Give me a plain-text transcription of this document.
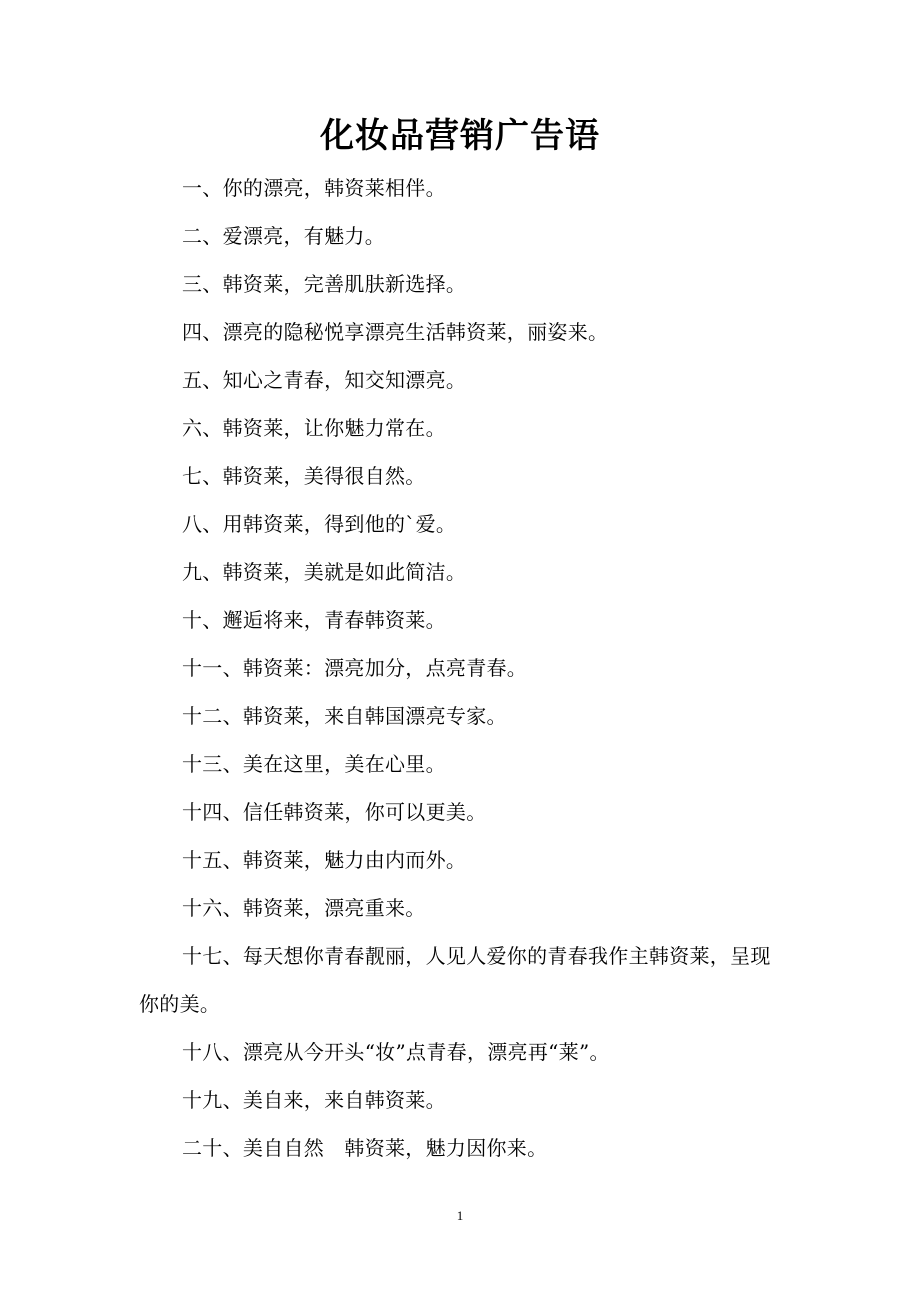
化妆品营销广告语
一、你的漂亮，韩资莱相伴。
二、爱漂亮，有魅力。
三、韩资莱，完善肌肤新选择。
四、漂亮的隐秘悦享漂亮生活韩资莱，丽姿来。
五、知心之青春，知交知漂亮。
六、韩资莱，让你魅力常在。
七、韩资莱，美得很自然。
八、用韩资莱，得到他的`爱。
九、韩资莱，美就是如此简洁。
十、邂逅将来，青春韩资莱。
十一、韩资莱：漂亮加分，点亮青春。
十二、韩资莱，来自韩国漂亮专家。
十三、美在这里，美在心里。
十四、信任韩资莱，你可以更美。
十五、韩资莱，魅力由内而外。
十六、韩资莱，漂亮重来。
十七、每天想你青春靓丽，人见人爱你的青春我作主韩资莱，呈现你的美。
十八、漂亮从今开头“妆”点青春，漂亮再“莱”。
十九、美自来，来自韩资莱。
二十、美自自然　韩资莱，魅力因你来。
1
